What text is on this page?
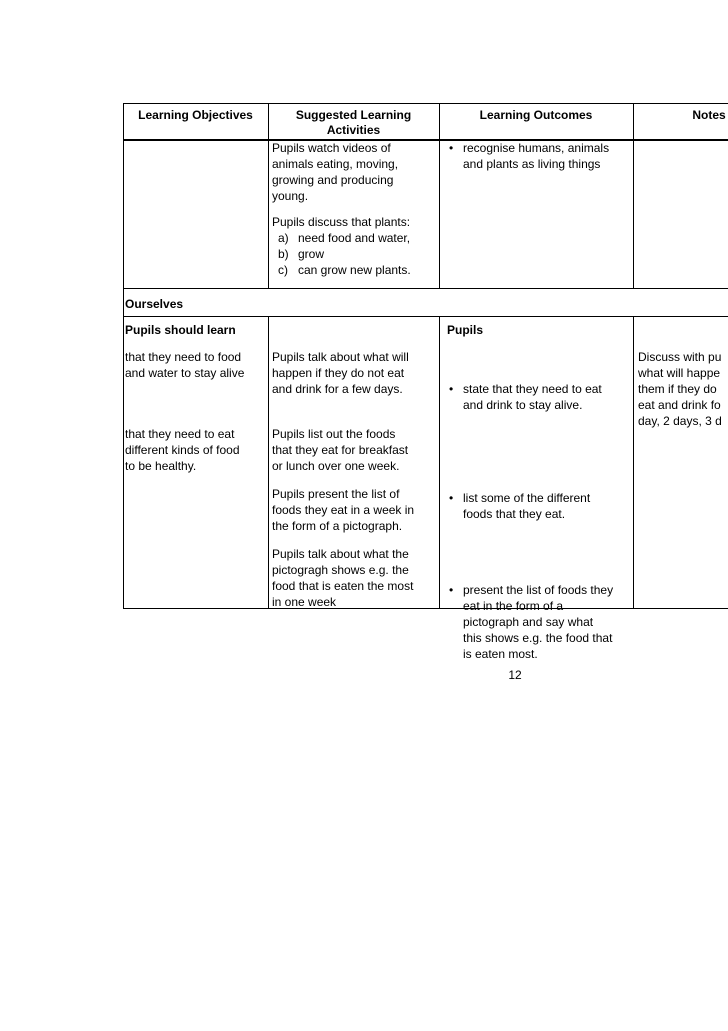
Learning Objectives	Suggested Learning
Activities
Learning Outcomes	Notes
Pupils watch videos of
animals eating, moving,
growing and producing
young.
Pupils discuss that plants:
a) need food and water,
b) grow
c) can grow new plants.
• recognise humans, animals
and plants as living things
Ourselves
Pupils should learn	Pupils
that they need to food
and water to stay alive
Pupils talk about what will
happen if they do not eat
and drink for a few days.
•	state that they need to eat
and drink to stay alive.
Discuss with pu
what will happe
them if they do
eat and drink fo
day, 2 days, 3 d
that they need to eat
different kinds of food
to be healthy.
Pupils list out the foods
that they eat for breakfast
or lunch over one week.
Pupils present the list of
foods they eat in a week in
the form of a pictograph.
Pupils talk about what the
pictogragh shows e.g. the
food that is eaten the most
in one week
• list some of the different
foods that they eat.
• present the list of foods they
eat in the form of a
pictograph and say what
this shows e.g. the food that
is eaten most.
12
